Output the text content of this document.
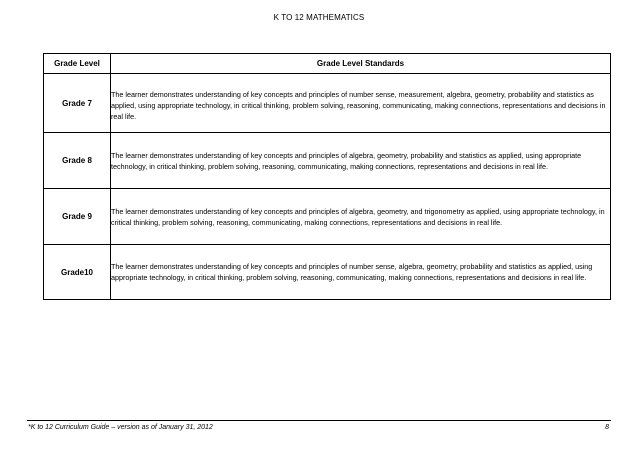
K TO 12 MATHEMATICS
Grade Level	Grade Level Standards
Grade 7	The learner demonstrates understanding of key concepts and principles of number sense, measurement, algebra, geometry, probability and statistics as applied, using appropriate technology, in critical thinking, problem solving, reasoning, communicating, making connections, representations and decisions in real life.
Grade 8	The learner demonstrates understanding of key concepts and principles of algebra, geometry, probability and statistics as applied, using appropriate technology, in critical thinking, problem solving, reasoning, communicating, making connections, representations and decisions in real life.
Grade 9	The learner demonstrates understanding of key concepts and principles of algebra, geometry, and trigonometry as applied, using appropriate technology, in critical thinking, problem solving, reasoning, communicating, making connections, representations and decisions in real life.
Grade10	The learner demonstrates understanding of key concepts and principles of number sense, algebra, geometry, probability and statistics as applied, using appropriate technology, in critical thinking, problem solving, reasoning, communicating, making connections, representations and decisions in real life.
*K to 12 Curriculum Guide – version as of January 31, 2012	8
